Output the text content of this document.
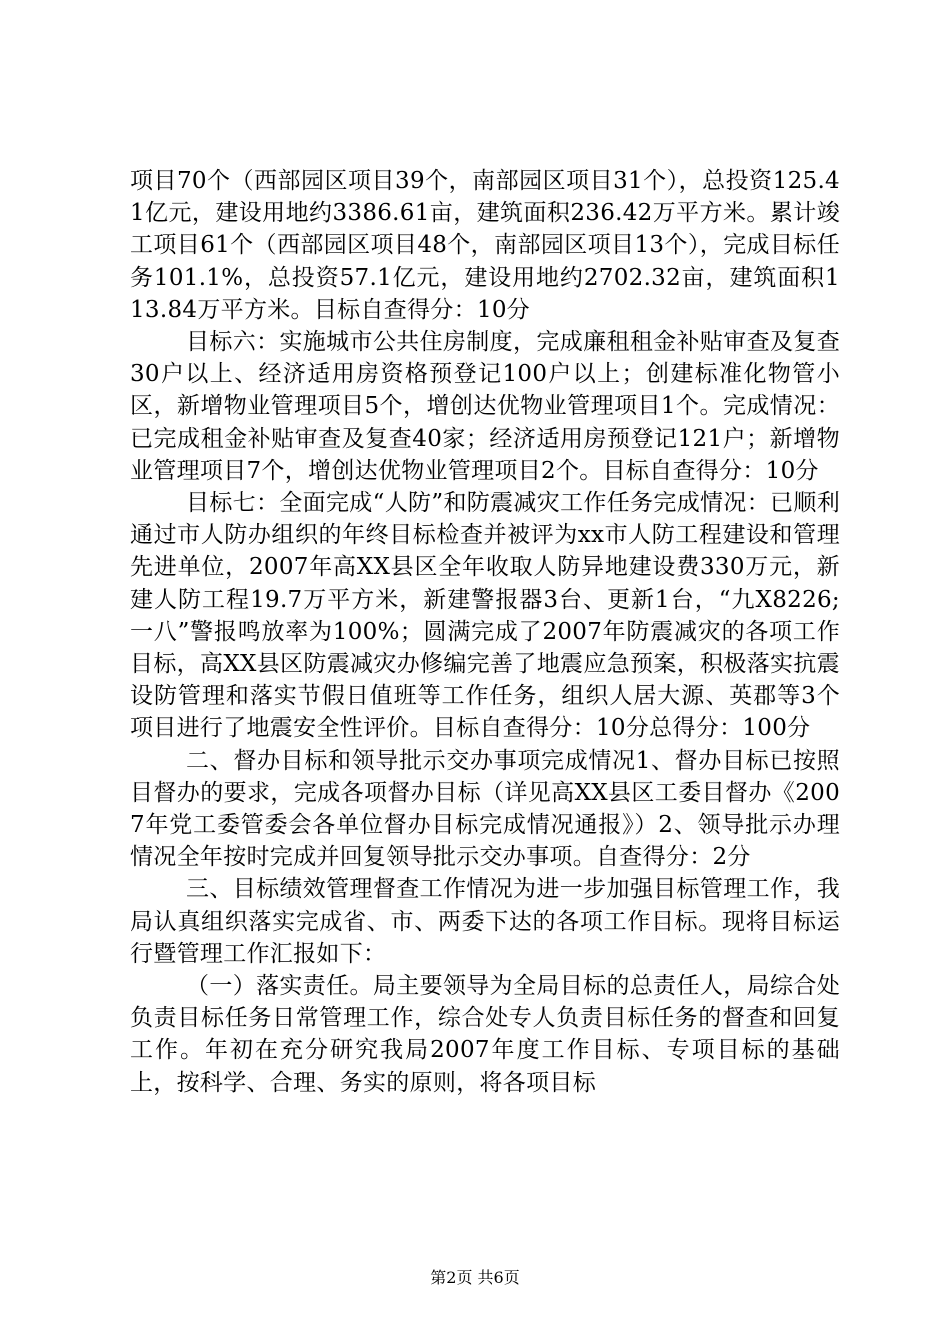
项目70个（西部园区项目39个，南部园区项目31个），总投资125.41亿元，建设用地约3386.61亩，建筑面积236.42万平方米。累计竣工项目61个（西部园区项目48个，南部园区项目13个），完成目标任务101.1%，总投资57.1亿元，建设用地约2702.32亩，建筑面积113.84万平方米。目标自查得分：10分

目标六：实施城市公共住房制度，完成廉租租金补贴审查及复查30户以上、经济适用房资格预登记100户以上；创建标准化物管小区，新增物业管理项目5个，增创达优物业管理项目1个。完成情况：已完成租金补贴审查及复查40家；经济适用房预登记121户；新增物业管理项目7个，增创达优物业管理项目2个。目标自查得分：10分

目标七：全面完成“人防”和防震减灾工作任务完成情况：已顺利通过市人防办组织的年终目标检查并被评为xx市人防工程建设和管理先进单位，2007年高XX县区全年收取人防异地建设费330万元，新建人防工程19.7万平方米，新建警报器3台、更新1台，“九X8226;一八”警报鸣放率为100%；圆满完成了2007年防震减灾的各项工作目标，高XX县区防震减灾办修编完善了地震应急预案，积极落实抗震设防管理和落实节假日值班等工作任务，组织人居大源、英郡等3个项目进行了地震安全性评价。目标自查得分：10分总得分：100分

二、督办目标和领导批示交办事项完成情况1、督办目标已按照目督办的要求，完成各项督办目标（详见高XX县区工委目督办《2007年党工委管委会各单位督办目标完成情况通报》）2、领导批示办理情况全年按时完成并回复领导批示交办事项。自查得分：2分

三、目标绩效管理督查工作情况为进一步加强目标管理工作，我局认真组织落实完成省、市、两委下达的各项工作目标。现将目标运行暨管理工作汇报如下：

（一）落实责任。局主要领导为全局目标的总责任人，局综合处负责目标任务日常管理工作，综合处专人负责目标任务的督查和回复工作。年初在充分研究我局2007年度工作目标、专项目标的基础上，按科学、合理、务实的原则，将各项目标

第2页 共6页
